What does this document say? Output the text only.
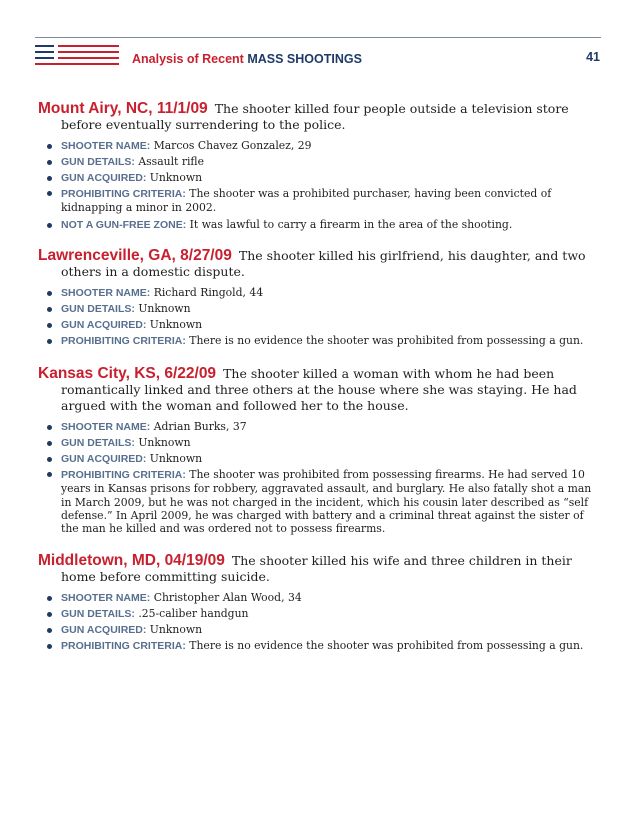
Analysis of Recent MASS SHOOTINGS	41

Mount Airy, NC, 11/1/09 The shooter killed four people outside a television store before eventually surrendering to the police.

SHOOTER NAME: Marcos Chavez Gonzalez, 29
GUN DETAILS: Assault rifle
GUN ACQUIRED: Unknown
PROHIBITING CRITERIA: The shooter was a prohibited purchaser, having been convicted of kidnapping a minor in 2002.
NOT A GUN-FREE ZONE: It was lawful to carry a firearm in the area of the shooting.

Lawrenceville, GA, 8/27/09 The shooter killed his girlfriend, his daughter, and two others in a domestic dispute.

SHOOTER NAME: Richard Ringold, 44
GUN DETAILS: Unknown
GUN ACQUIRED: Unknown
PROHIBITING CRITERIA: There is no evidence the shooter was prohibited from possessing a gun.

Kansas City, KS, 6/22/09 The shooter killed a woman with whom he had been romantically linked and three others at the house where she was staying. He had argued with the woman and followed her to the house.

SHOOTER NAME: Adrian Burks, 37
GUN DETAILS: Unknown
GUN ACQUIRED: Unknown
PROHIBITING CRITERIA: The shooter was prohibited from possessing firearms. He had served 10 years in Kansas prisons for robbery, aggravated assault, and burglary. He also fatally shot a man in March 2009, but he was not charged in the incident, which his cousin later described as “self defense.” In April 2009, he was charged with battery and a criminal threat against the sister of the man he killed and was ordered not to possess firearms.

Middletown, MD, 04/19/09 The shooter killed his wife and three children in their home before committing suicide.

SHOOTER NAME: Christopher Alan Wood, 34
GUN DETAILS: .25-caliber handgun
GUN ACQUIRED: Unknown
PROHIBITING CRITERIA: There is no evidence the shooter was prohibited from possessing a gun.
